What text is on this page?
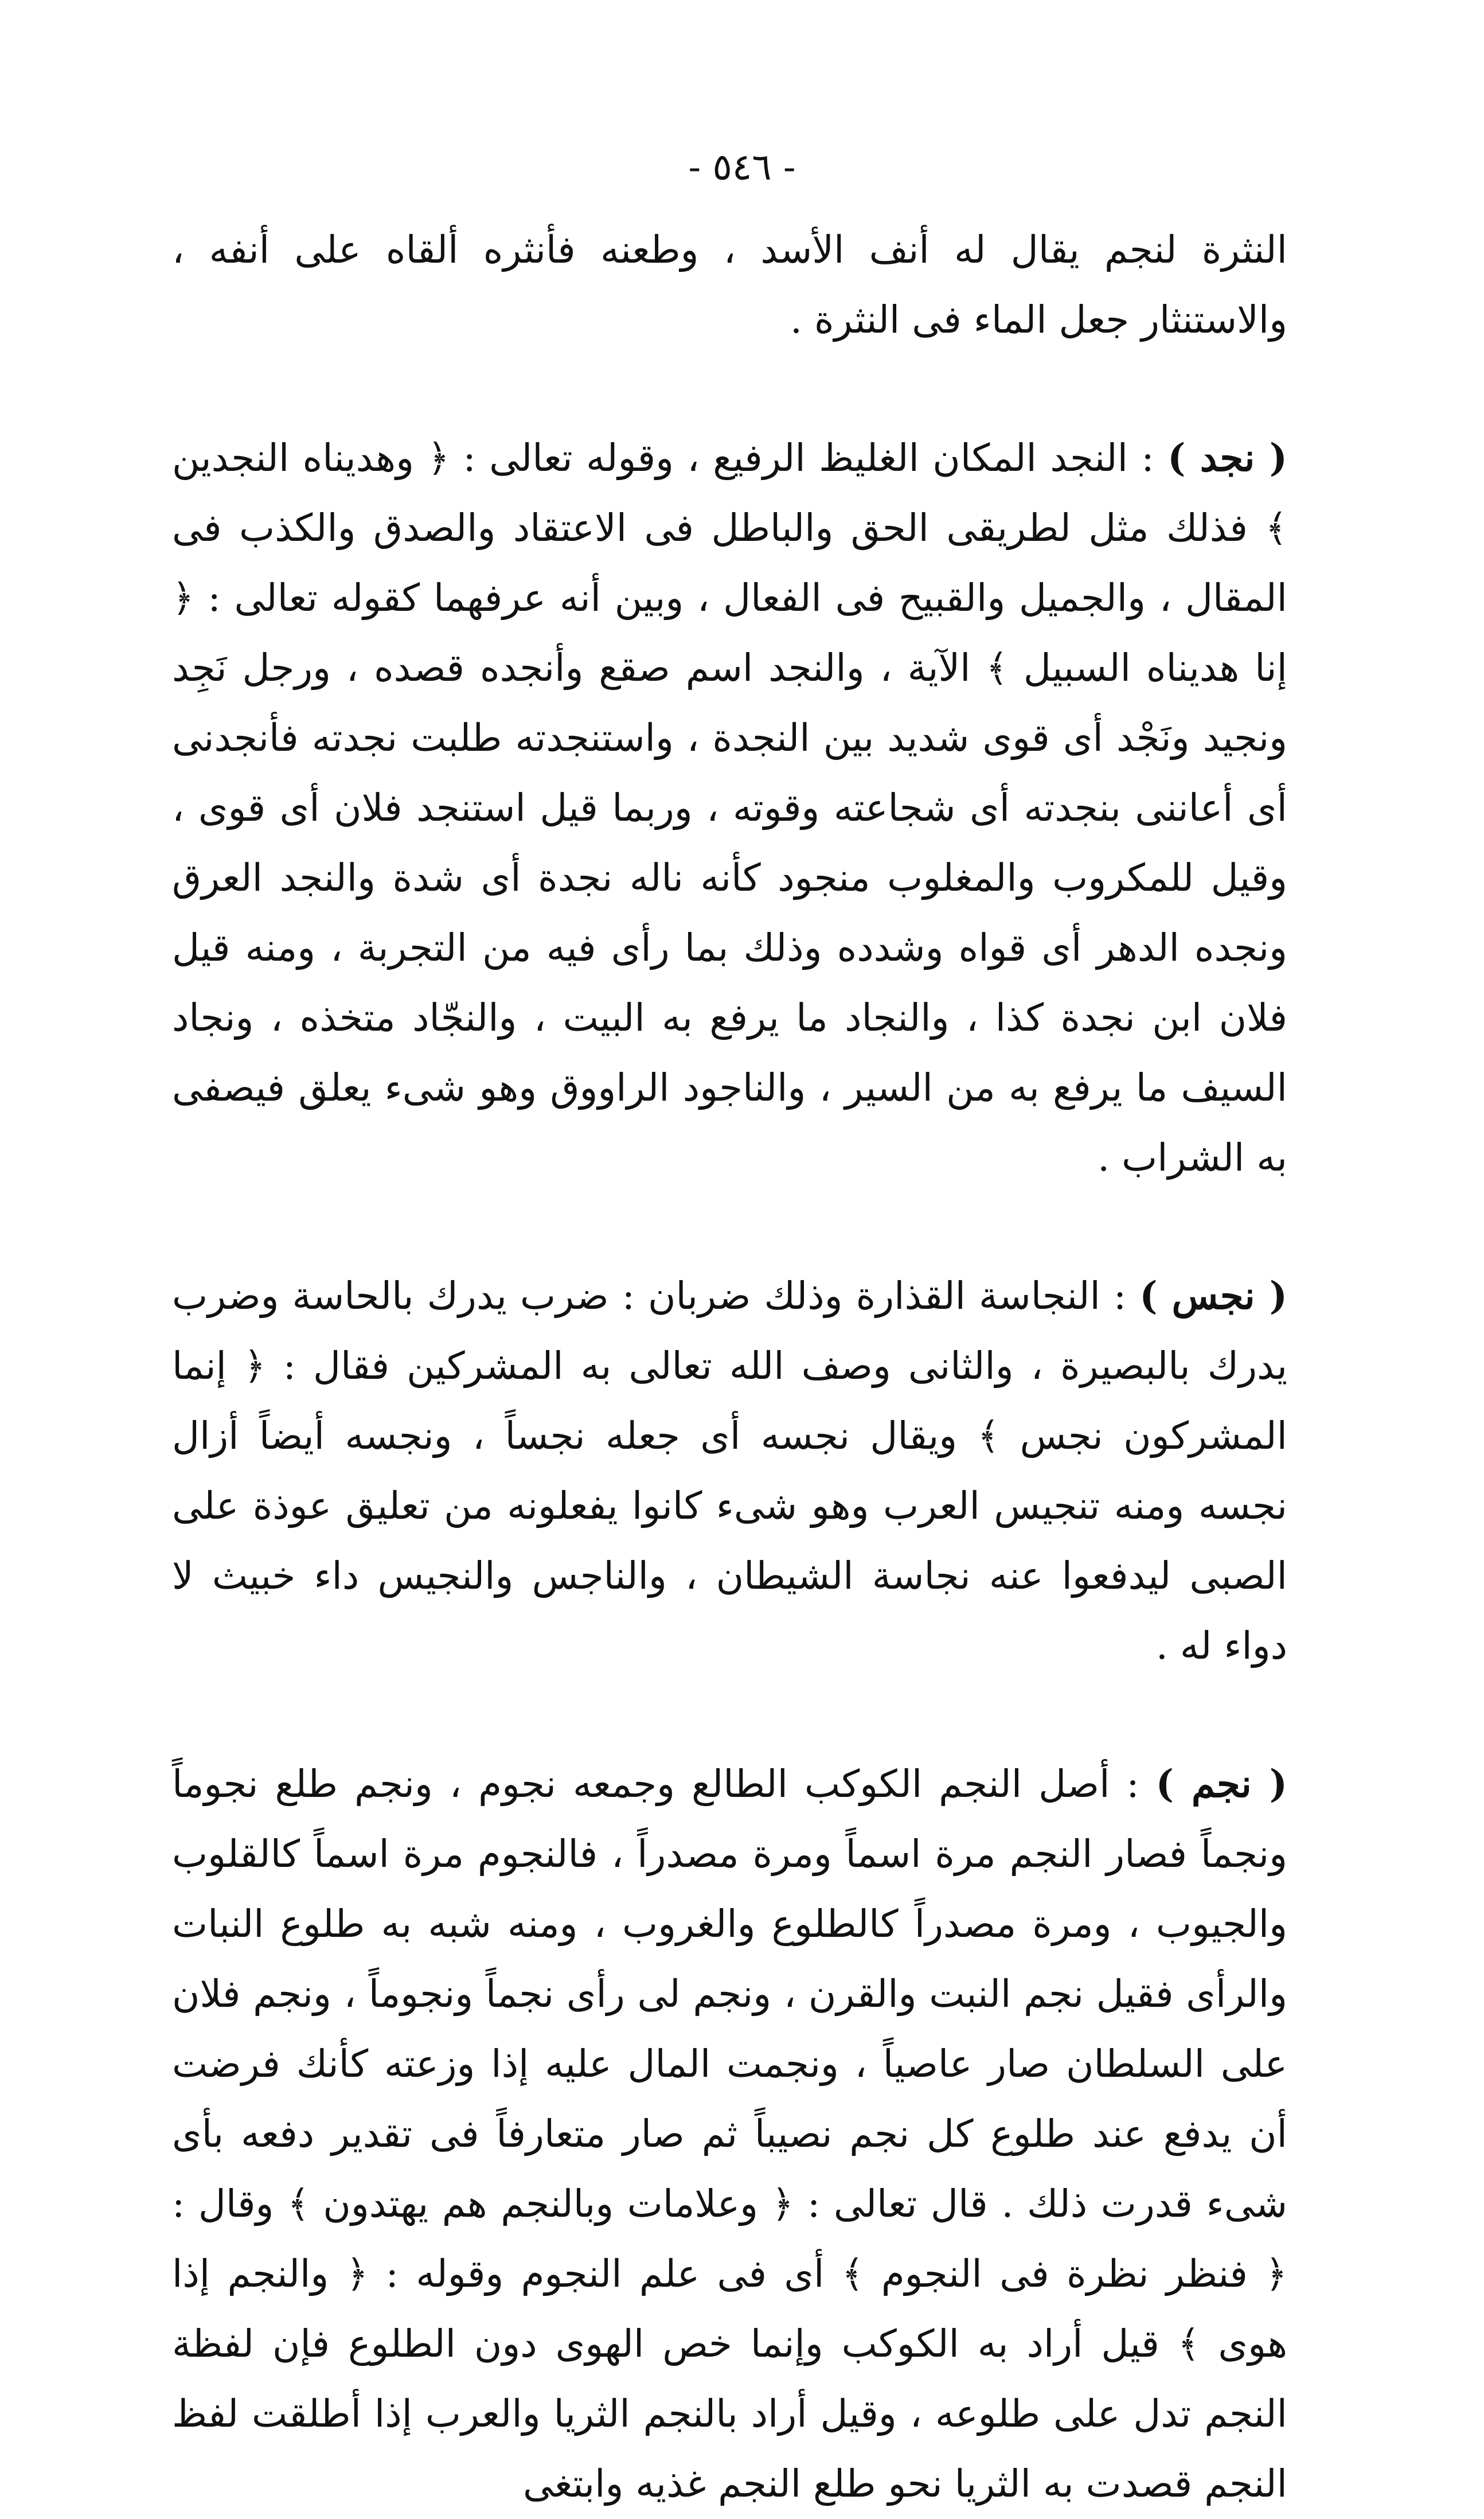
- ٥٤٦ -

النثرة لنجم يقال له أنف الأسد ، وطعنه فأنثره ألقاه على أنفه ، والاستنثار جعل الماء فى النثرة .

( نجد ) : النجد المكان الغليظ الرفيع ، وقوله تعالى : ﴿ وهديناه النجدين ﴾ فذلك مثل لطريقى الحق والباطل فى الاعتقاد والصدق والكذب فى المقال ، والجميل والقبيح فى الفعال ، وبين أنه عرفهما كقوله تعالى : ﴿ إنا هديناه السبيل ﴾ الآية ، والنجد اسم صقع وأنجده قصده ، ورجل نَجِد ونجيد ونَجْد أى قوى شديد بين النجدة ، واستنجدته طلبت نجدته فأنجدنى أى أعاننى بنجدته أى شجاعته وقوته ، وربما قيل استنجد فلان أى قوى ، وقيل للمكروب والمغلوب منجود كأنه ناله نجدة أى شدة والنجد العرق ونجده الدهر أى قواه وشدده وذلك بما رأى فيه من التجربة ، ومنه قيل فلان ابن نجدة كذا ، والنجاد ما يرفع به البيت ، والنجّاد متخذه ، ونجاد السيف ما يرفع به من السير ، والناجود الراووق وهو شىء يعلق فيصفى به الشراب .

( نجس ) : النجاسة القذارة وذلك ضربان : ضرب يدرك بالحاسة وضرب يدرك بالبصيرة ، والثانى وصف الله تعالى به المشركين فقال : ﴿ إنما المشركون نجس ﴾ ويقال نجسه أى جعله نجساً ، ونجسه أيضاً أزال نجسه ومنه تنجيس العرب وهو شىء كانوا يفعلونه من تعليق عوذة على الصبى ليدفعوا عنه نجاسة الشيطان ، والناجس والنجيس داء خبيث لا دواء له .

( نجم ) : أصل النجم الكوكب الطالع وجمعه نجوم ، ونجم طلع نجوماً ونجماً فصار النجم مرة اسماً ومرة مصدراً ، فالنجوم مرة اسماً كالقلوب والجيوب ، ومرة مصدراً كالطلوع والغروب ، ومنه شبه به طلوع النبات والرأى فقيل نجم النبت والقرن ، ونجم لى رأى نجماً ونجوماً ، ونجم فلان على السلطان صار عاصياً ، ونجمت المال عليه إذا وزعته كأنك فرضت أن يدفع عند طلوع كل نجم نصيباً ثم صار متعارفاً فى تقدير دفعه بأى شىء قدرت ذلك . قال تعالى : ﴿ وعلامات وبالنجم هم يهتدون ﴾ وقال : ﴿ فنظر نظرة فى النجوم ﴾ أى فى علم النجوم وقوله : ﴿ والنجم إذا هوى ﴾ قيل أراد به الكوكب وإنما خص الهوى دون الطلوع فإن لفظة النجم تدل على طلوعه ، وقيل أراد بالنجم الثريا والعرب إذا أطلقت لفظ النجم قصدت به الثريا نحو طلع النجم غذيه وابتغى
